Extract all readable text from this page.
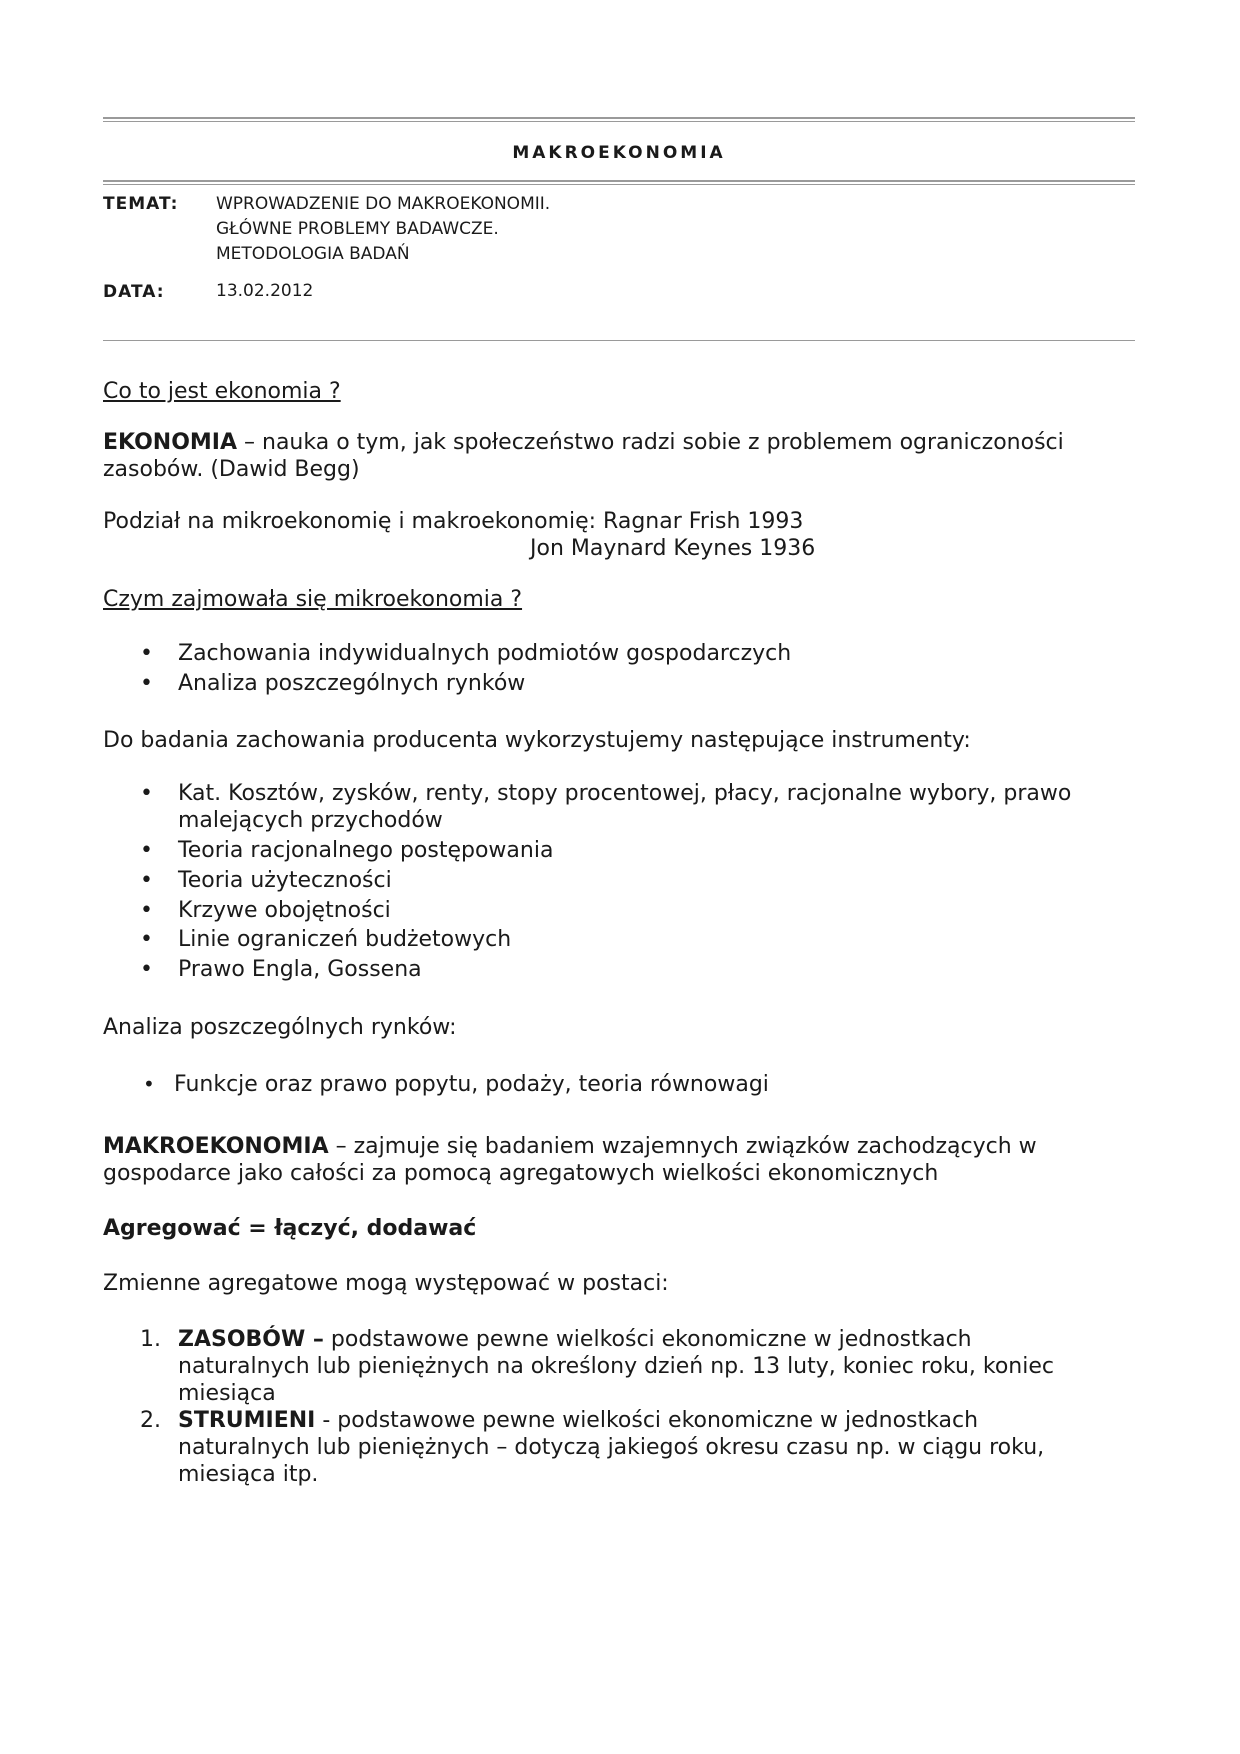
MAKROEKONOMIA
TEMAT: WPROWADZENIE DO MAKROEKONOMII.
GŁÓWNE PROBLEMY BADAWCZE.
METODOLOGIA BADAŃ
DATA:	13.02.2012
Co to jest ekonomia ?
EKONOMIA – nauka o tym, jak społeczeństwo radzi sobie z problemem ograniczoności
zasobów. (Dawid Begg)
Podział na mikroekonomię i makroekonomię: Ragnar Frish 1993
Jon Maynard Keynes 1936
Czym zajmowała się mikroekonomia ?
• Zachowania indywidualnych podmiotów gospodarczych
• Analiza poszczególnych rynków
Do badania zachowania producenta wykorzystujemy następujące instrumenty:
• Kat. Kosztów, zysków, renty, stopy procentowej, płacy, racjonalne wybory, prawo
malejących przychodów
• Teoria racjonalnego postępowania
• Teoria użyteczności
• Krzywe obojętności
• Linie ograniczeń budżetowych
• Prawo Engla, Gossena
Analiza poszczególnych rynków:
• Funkcje oraz prawo popytu, podaży, teoria równowagi
MAKROEKONOMIA – zajmuje się badaniem wzajemnych związków zachodzących w
gospodarce jako całości za pomocą agregatowych wielkości ekonomicznych
Agregować = łączyć, dodawać
Zmienne agregatowe mogą występować w postaci:
1. ZASOBÓW – podstawowe pewne wielkości ekonomiczne w jednostkach
naturalnych lub pieniężnych na określony dzień np. 13 luty, koniec roku, koniec
miesiąca
2. STRUMIENI - podstawowe pewne wielkości ekonomiczne w jednostkach
naturalnych lub pieniężnych – dotyczą jakiegoś okresu czasu np. w ciągu roku,
miesiąca itp.
